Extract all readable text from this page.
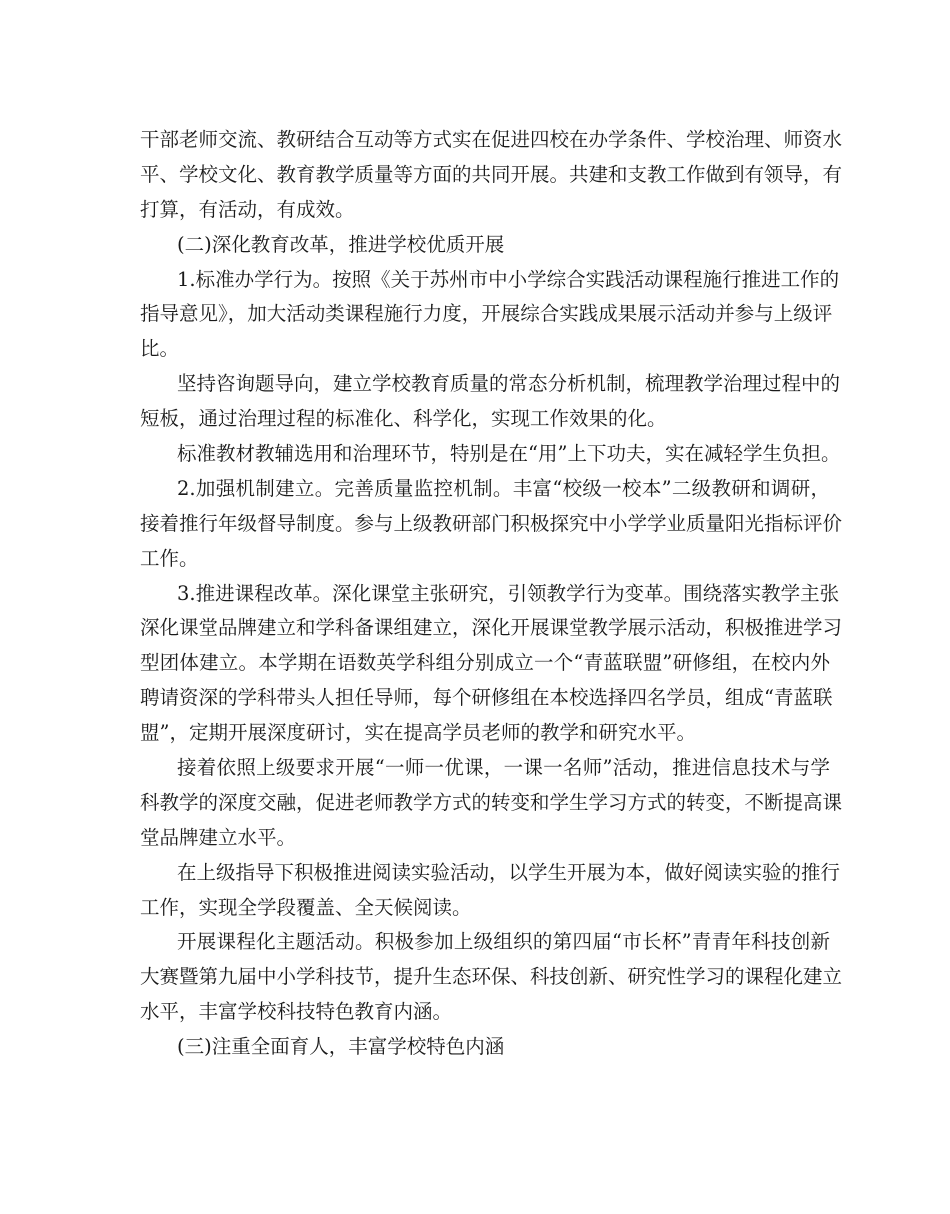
干部老师交流、教研结合互动等方式实在促进四校在办学条件、学校治理、师资水
平、学校文化、教育教学质量等方面的共同开展。共建和支教工作做到有领导，有
打算，有活动，有成效。
(二)深化教育改革，推进学校优质开展
1.标准办学行为。按照《关于苏州市中小学综合实践活动课程施行推进工作的
指导意见》，加大活动类课程施行力度，开展综合实践成果展示活动并参与上级评
比。
坚持咨询题导向，建立学校教育质量的常态分析机制，梳理教学治理过程中的
短板，通过治理过程的标准化、科学化，实现工作效果的化。
标准教材教辅选用和治理环节，特别是在“用”上下功夫，实在减轻学生负担。
2.加强机制建立。完善质量监控机制。丰富“校级一校本”二级教研和调研，
接着推行年级督导制度。参与上级教研部门积极探究中小学学业质量阳光指标评价
工作。
3.推进课程改革。深化课堂主张研究，引领教学行为变革。围绕落实教学主张
深化课堂品牌建立和学科备课组建立，深化开展课堂教学展示活动，积极推进学习
型团体建立。本学期在语数英学科组分别成立一个“青蓝联盟”研修组，在校内外
聘请资深的学科带头人担任导师，每个研修组在本校选择四名学员，组成“青蓝联
盟”，定期开展深度研讨，实在提高学员老师的教学和研究水平。
接着依照上级要求开展“一师一优课，一课一名师”活动，推进信息技术与学
科教学的深度交融，促进老师教学方式的转变和学生学习方式的转变，不断提高课
堂品牌建立水平。
在上级指导下积极推进阅读实验活动，以学生开展为本，做好阅读实验的推行
工作，实现全学段覆盖、全天候阅读。
开展课程化主题活动。积极参加上级组织的第四届“市长杯”青青年科技创新
大赛暨第九届中小学科技节，提升生态环保、科技创新、研究性学习的课程化建立
水平，丰富学校科技特色教育内涵。
(三)注重全面育人，丰富学校特色内涵
